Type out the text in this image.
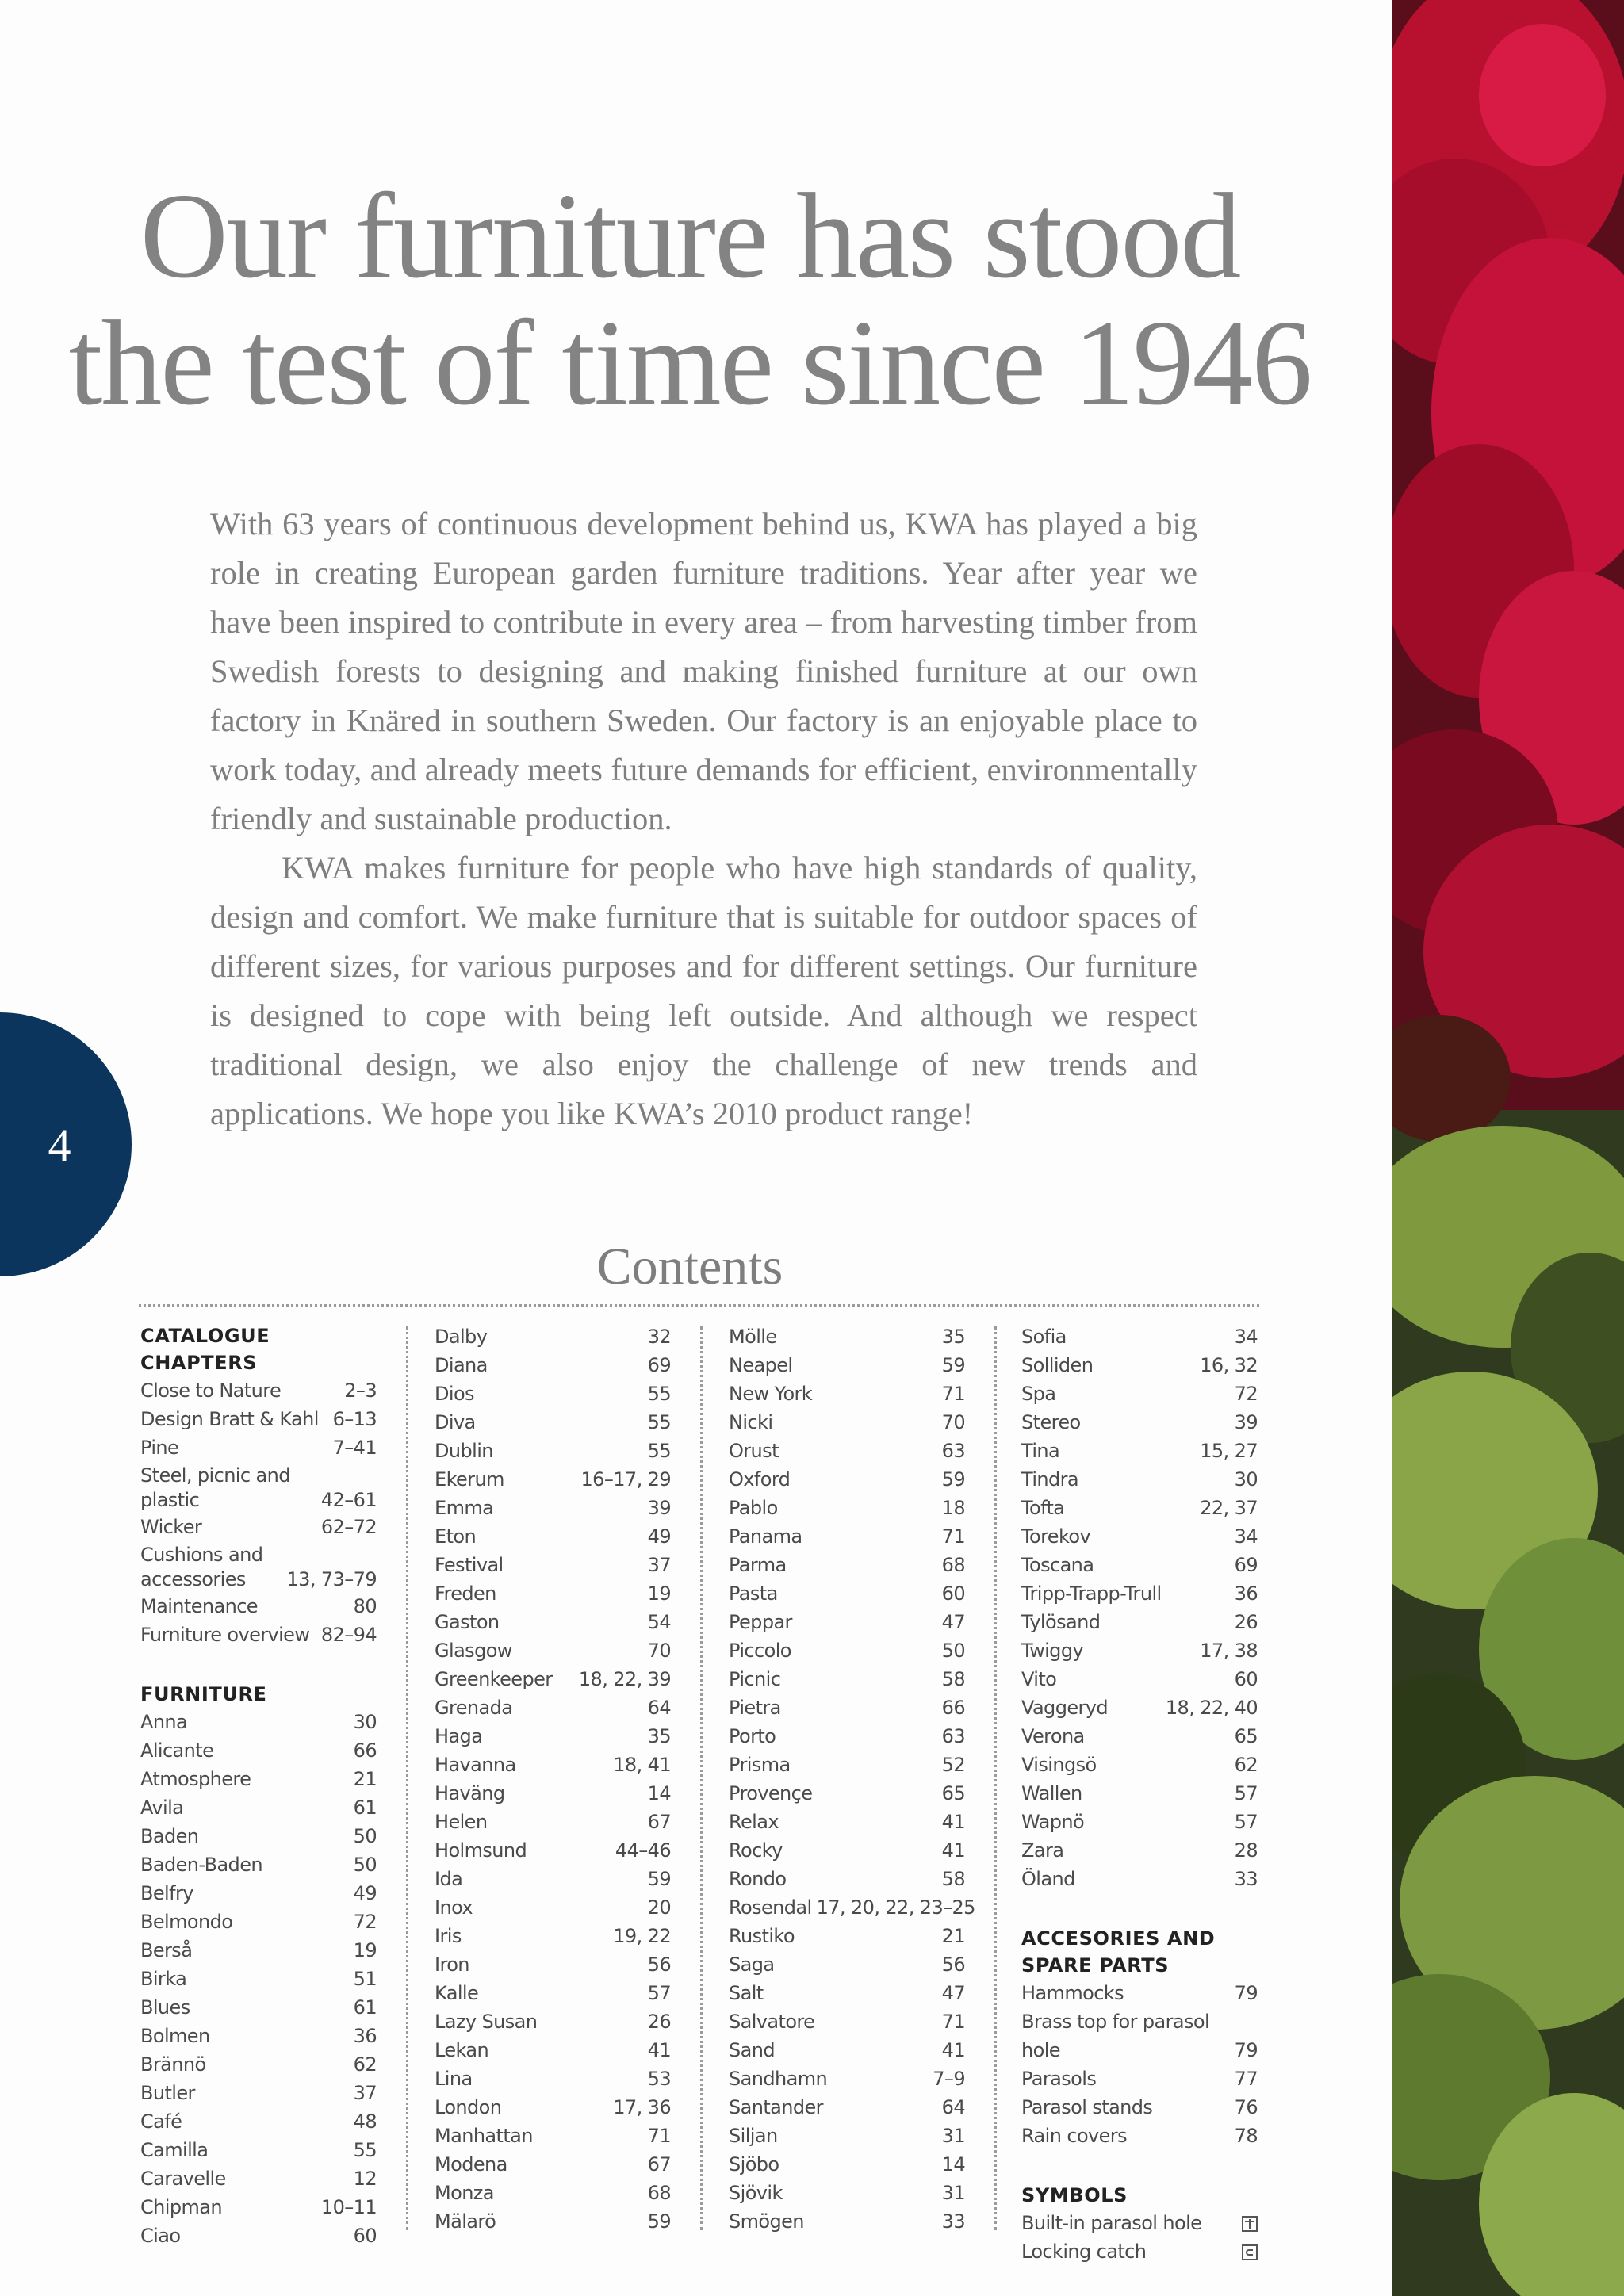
Our furniture has stood
the test of time since 1946

With 63 years of continuous development behind us, KWA has played a big role in creating European garden furniture traditions. Year after year we have been inspired to contribute in every area – from harvesting timber from Swedish forests to designing and making finished furniture at our own factory in Knäred in southern Sweden. Our factory is an enjoyable place to work today, and already meets future demands for efficient, environmentally friendly and sustainable production.

KWA makes furniture for people who have high standards of quality, design and comfort. We make furniture that is suitable for outdoor spaces of different sizes, for various purposes and for different settings. Our furniture is designed to cope with being left outside. And although we respect traditional design, we also enjoy the challenge of new trends and applications. We hope you like KWA’s 2010 product range!

4
Contents
CATALOGUE CHAPTERS
Close to Nature	2–3
Design Bratt & Kahl 6–13
Pine	7–41
Steel, picnic and plastic	42–61
Wicker	62–72
Cushions and accessories	13, 73–79
Maintenance	80
Furniture overview 82–94
FURNITURE
Anna	30
Alicante	66
Atmosphere	21
Avila	61
Baden	50
Baden-Baden	50
Belfry	49
Belmondo	72
Berså	19
Birka	51
Blues	61
Bolmen	36
Brännö	62
Butler	37
Café	48
Camilla	55
Caravelle	12
Chipman	10–11
Ciao	60
Dalby	32
Diana	69
Dios	55
Diva	55
Dublin	55
Ekerum	16–17, 29
Emma	39
Eton	49
Festival	37
Freden	19
Gaston	54
Glasgow	70
Greenkeeper	18, 22, 39
Grenada	64
Haga	35
Havanna	18, 41
Haväng	14
Helen	67
Holmsund	44–46
Ida	59
Inox	20
Iris	19, 22
Iron	56
Kalle	57
Lazy Susan	26
Lekan	41
Lina	53
London	17, 36
Manhattan	71
Modena	67
Monza	68
Mälarö	59
Mölle	35
Neapel	59
New York	71
Nicki	70
Orust	63
Oxford	59
Pablo	18
Panama	71
Parma	68
Pasta	60
Peppar	47
Piccolo	50
Picnic	58
Pietra	66
Porto	63
Prisma	52
Provençe	65
Relax	41
Rocky	41
Rondo	58
Rosendal 17, 20, 22, 23–25
Rustiko	21
Saga	56
Salt	47
Salvatore	71
Sand	41
Sandhamn	7–9
Santander	64
Siljan	31
Sjöbo	14
Sjövik	31
Smögen	33
Sofia	34
Solliden	16, 32
Spa	72
Stereo	39
Tina	15, 27
Tindra	30
Tofta	22, 37
Torekov	34
Toscana	69
Tripp-Trapp-Trull	36
Tylösand	26
Twiggy	17, 38
Vito	60
Vaggeryd	18, 22, 40
Verona	65
Visingsö	62
Wallen	57
Wapnö	57
Zara	28
Öland	33
ACCESORIES AND
SPARE PARTS
Hammocks	79
Brass top for parasol hole	79
Parasols	77
Parasol stands	76
Rain covers	78
SYMBOLS
Built-in parasol hole
Locking catch
